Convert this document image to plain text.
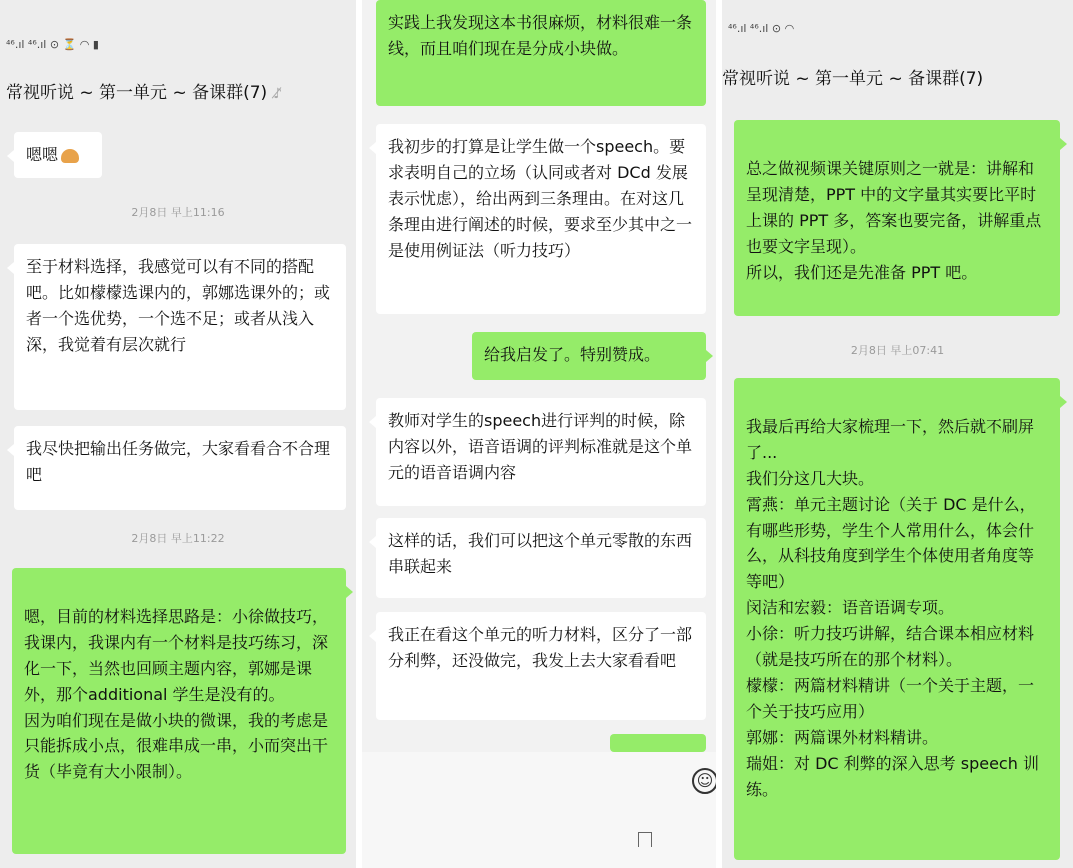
⁴⁶.ıl ⁴⁶.ıl ⊙ ⏳ ◠ ▮
常视听说 ~ 第一单元 ~ 备课群(7) ♪̸
嗯嗯
2月8日 早上11:16
至于材料选择，我感觉可以有不同的搭配吧。比如檬檬选课内的，郭娜选课外的；或者一个选优势，一个选不足；或者从浅入深，我觉着有层次就行
我尽快把输出任务做完，大家看看合不合理吧
2月8日 早上11:22

嗯，目前的材料选择思路是：小徐做技巧，我课内，我课内有一个材料是技巧练习，深化一下，当然也回顾主题内容，郭娜是课外，那个additional 学生是没有的。
因为咱们现在是做小块的微课，我的考虑是只能拆成小点，很难串成一串，小而突出干货（毕竟有大小限制）。

实践上我发现这本书很麻烦，材料很难一条线，而且咱们现在是分成小块做。
我初步的打算是让学生做一个speech。要求表明自己的立场（认同或者对 DCd 发展表示忧虑），给出两到三条理由。在对这几条理由进行阐述的时候，要求至少其中之一是使用例证法（听力技巧）
给我启发了。特别赞成。
教师对学生的speech进行评判的时候，除内容以外，语音语调的评判标准就是这个单元的语音语调内容
这样的话，我们可以把这个单元零散的东西串联起来
我正在看这个单元的听力材料，区分了一部分利弊，还没做完，我发上去大家看看吧
☺
⁴⁶.ıl ⁴⁶.ıl ⊙ ◠
常视听说 ~ 第一单元 ~ 备课群(7)

总之做视频课关键原则之一就是：讲解和呈现清楚，PPT 中的文字量其实要比平时上课的 PPT 多，答案也要完备，讲解重点也要文字呈现）。
所以，我们还是先准备 PPT 吧。

2月8日 早上07:41

我最后再给大家梳理一下，然后就不刷屏了...
我们分这几大块。
霄燕：单元主题讨论（关于 DC 是什么，有哪些形势，学生个人常用什么，体会什么，从科技角度到学生个体使用者角度等等吧）
闵洁和宏毅：语音语调专项。
小徐：听力技巧讲解，结合课本相应材料（就是技巧所在的那个材料）。
檬檬：两篇材料精讲（一个关于主题，一个关于技巧应用）
郭娜：两篇课外材料精讲。
瑞姐：对 DC 利弊的深入思考 speech 训练。
